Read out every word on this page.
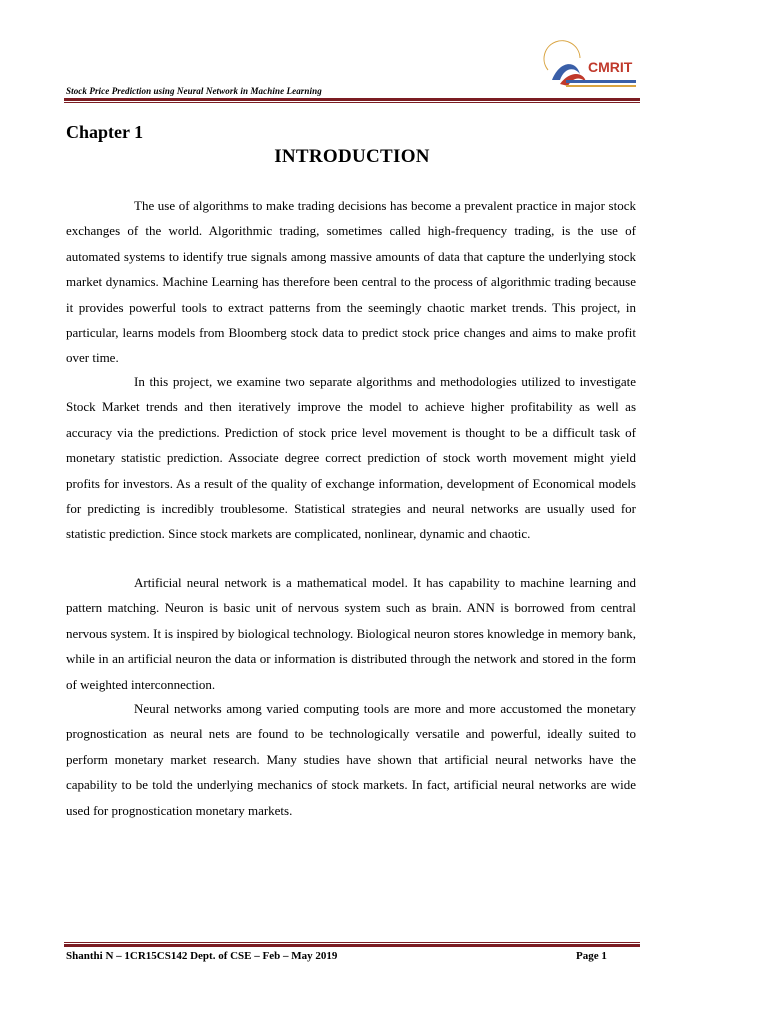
Stock Price Prediction using Neural Network in Machine Learning
CMRIT
Chapter 1
INTRODUCTION

The use of algorithms to make trading decisions has become a prevalent practice in major stock exchanges of the world. Algorithmic trading, sometimes called high-frequency trading, is the use of automated systems to identify true signals among massive amounts of data that capture the underlying stock market dynamics. Machine Learning has therefore been central to the process of algorithmic trading because it provides powerful tools to extract patterns from the seemingly chaotic market trends. This project, in particular, learns models from Bloomberg stock data to predict stock price changes and aims to make profit over time.

In this project, we examine two separate algorithms and methodologies utilized to investigate Stock Market trends and then iteratively improve the model to achieve higher profitability as well as accuracy via the predictions. Prediction of stock price level movement is thought to be a difficult task of monetary statistic prediction. Associate degree correct prediction of stock worth movement might yield profits for investors. As a result of the quality of exchange information, development of Economical models for predicting is incredibly troublesome. Statistical strategies and neural networks are usually used for statistic prediction. Since stock markets are complicated, nonlinear, dynamic and chaotic.

Artificial neural network is a mathematical model. It has capability to machine learning and pattern matching. Neuron is basic unit of nervous system such as brain. ANN is borrowed from central nervous system. It is inspired by biological technology. Biological neuron stores knowledge in memory bank, while in an artificial neuron the data or information is distributed through the network and stored in the form of weighted interconnection.

Neural networks among varied computing tools are more and more accustomed the monetary prognostication as neural nets are found to be technologically versatile and powerful, ideally suited to perform monetary market research. Many studies have shown that artificial neural networks have the capability to be told the underlying mechanics of stock markets. In fact, artificial neural networks are wide used for prognostication monetary markets.

Shanthi N – 1CR15CS142 Dept. of CSE – Feb – May 2019	Page 1
